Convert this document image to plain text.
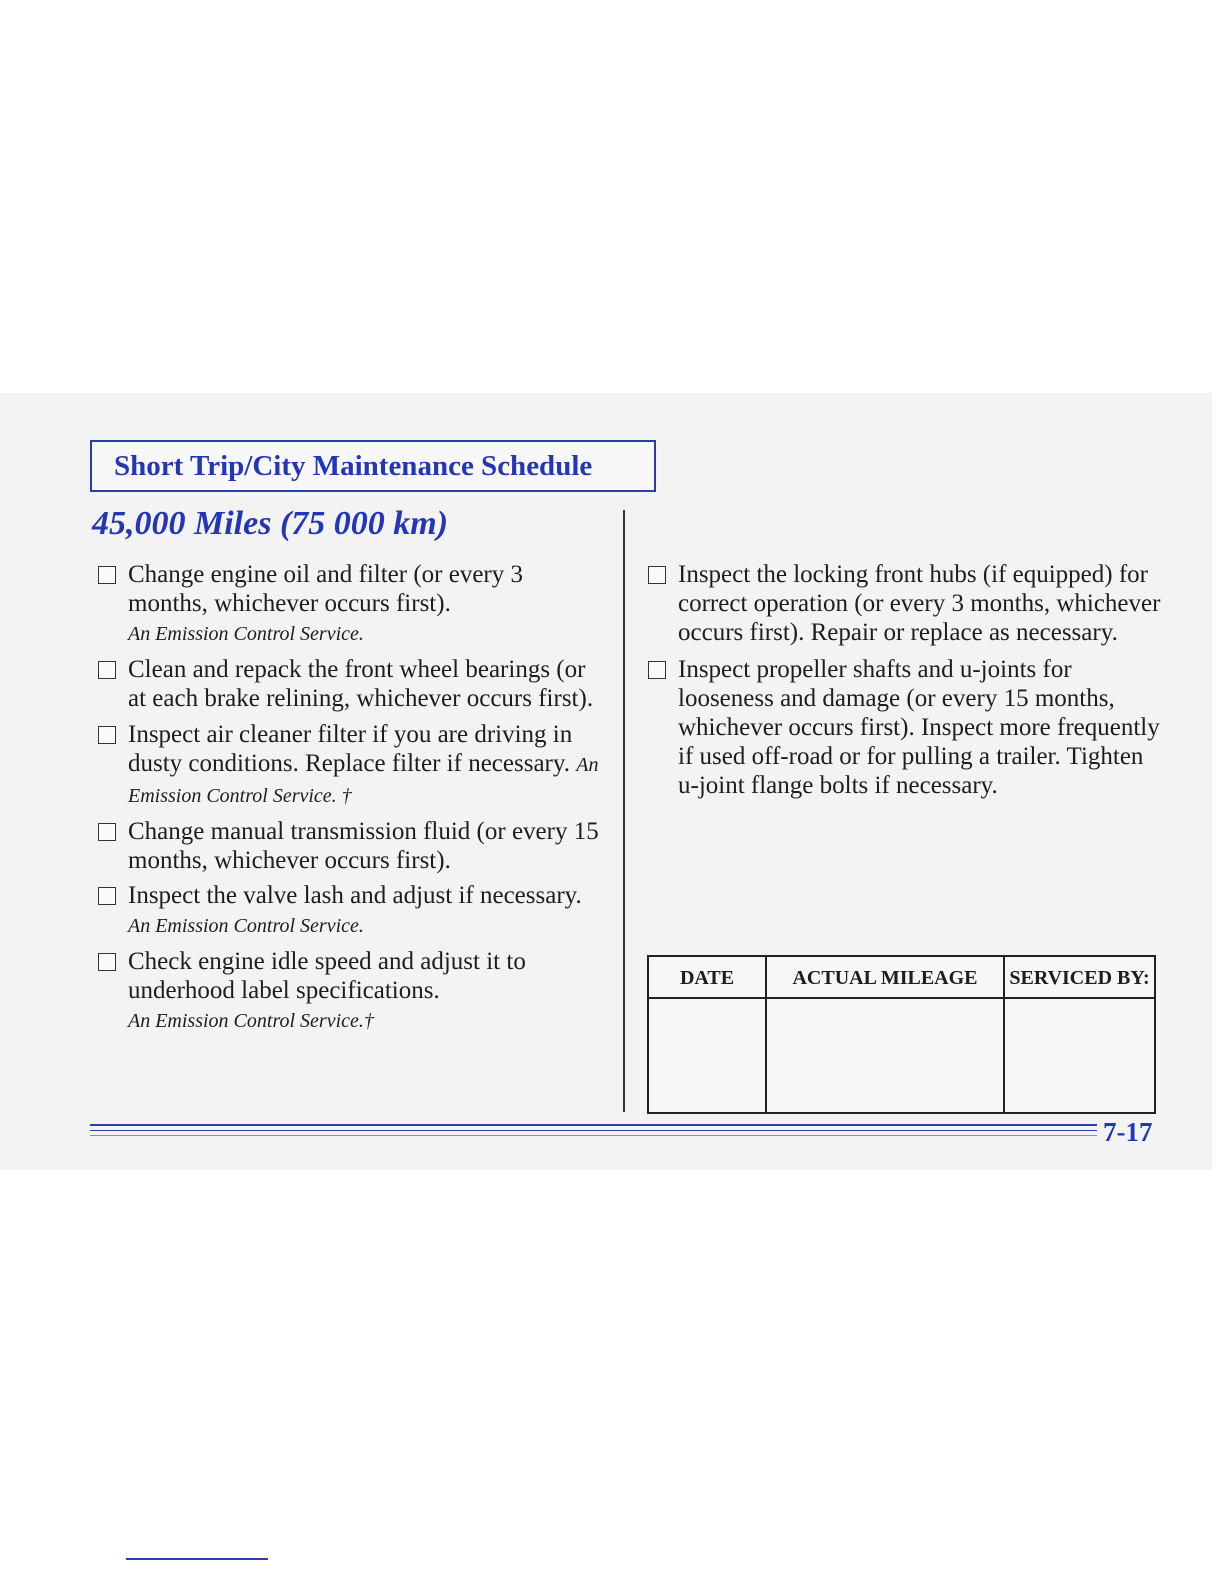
Short Trip/City Maintenance Schedule
45,000 Miles (75 000 km)
Change engine oil and filter (or every 3 months, whichever occurs first).
An Emission Control Service.
Clean and repack the front wheel bearings (or at each brake relining, whichever occurs first).
Inspect air cleaner filter if you are driving in dusty conditions. Replace filter if necessary. An Emission Control Service. †
Change manual transmission fluid (or every 15 months, whichever occurs first).
Inspect the valve lash and adjust if necessary. An Emission Control Service.
Check engine idle speed and adjust it to underhood label specifications.
An Emission Control Service.†
Inspect the locking front hubs (if equipped) for correct operation (or every 3 months, whichever occurs first). Repair or replace as necessary.
Inspect propeller shafts and u-joints for looseness and damage (or every 15 months, whichever occurs first). Inspect more frequently if used off-road or for pulling a trailer. Tighten u-joint flange bolts if necessary.
DATE	ACTUAL MILEAGE	SERVICED BY:
7-17
